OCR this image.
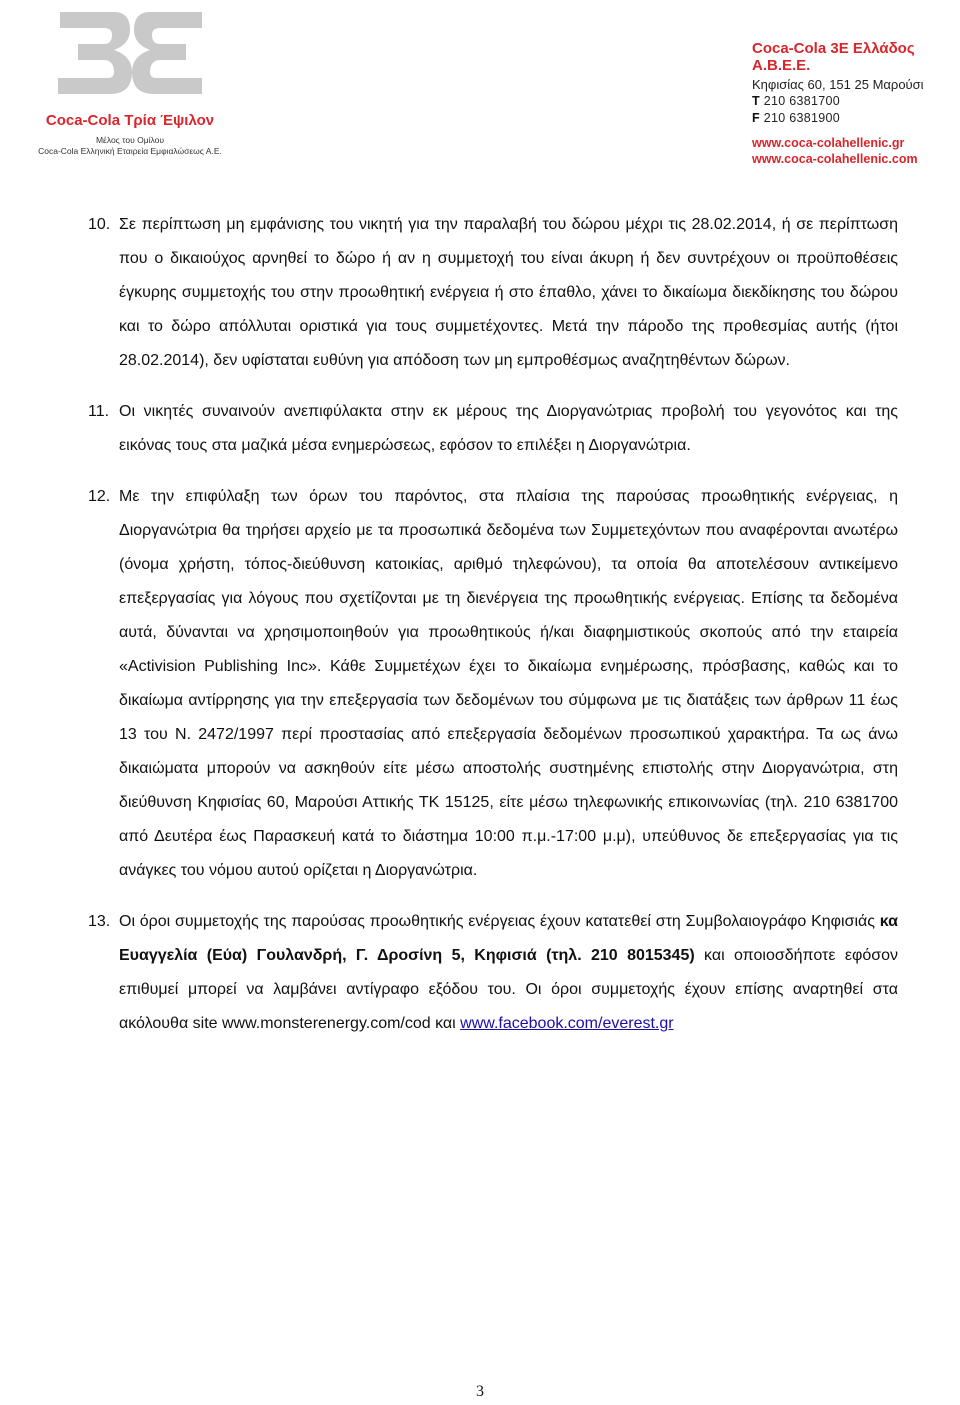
Coca-Cola Τρία Έψιλον
Μέλος του Ομίλου
Coca-Cola Ελληνική Εταιρεία Εμφιαλώσεως Α.Ε.
Coca-Cola 3E Ελλάδος Α.Β.Ε.Ε.
Κηφισίας 60, 151 25 Μαρούσι
T 210 6381700
F 210 6381900
www.coca-colahellenic.gr
www.coca-colahellenic.com
10. Σε περίπτωση μη εμφάνισης του νικητή για την παραλαβή του δώρου μέχρι τις 28.02.2014, ή σε περίπτωση που ο δικαιούχος αρνηθεί το δώρο ή αν η συμμετοχή του είναι άκυρη ή δεν συντρέχουν οι προϋποθέσεις έγκυρης συμμετοχής του στην προωθητική ενέργεια ή στο έπαθλο, χάνει το δικαίωμα διεκδίκησης του δώρου και το δώρο απόλλυται οριστικά για τους συμμετέχοντες. Μετά την πάροδο της προθεσμίας αυτής (ήτοι 28.02.2014), δεν υφίσταται ευθύνη για απόδοση των μη εμπροθέσμως αναζητηθέντων δώρων.

11. Οι νικητές συναινούν ανεπιφύλακτα στην εκ μέρους της Διοργανώτριας προβολή του γεγονότος και της εικόνας τους στα μαζικά μέσα ενημερώσεως, εφόσον το επιλέξει η Διοργανώτρια.

12. Με την επιφύλαξη των όρων του παρόντος, στα πλαίσια της παρούσας προωθητικής ενέργειας, η Διοργανώτρια θα τηρήσει αρχείο με τα προσωπικά δεδομένα των Συμμετεχόντων που αναφέρονται ανωτέρω (όνομα χρήστη, τόπος-διεύθυνση κατοικίας, αριθμό τηλεφώνου), τα οποία θα αποτελέσουν αντικείμενο επεξεργασίας για λόγους που σχετίζονται με τη διενέργεια της προωθητικής ενέργειας. Επίσης τα δεδομένα αυτά, δύνανται να χρησιμοποιηθούν για προωθητικούς ή/και διαφημιστικούς σκοπούς από την εταιρεία «Activision Publishing Inc». Κάθε Συμμετέχων έχει το δικαίωμα ενημέρωσης, πρόσβασης, καθώς και το δικαίωμα αντίρρησης για την επεξεργασία των δεδομένων του σύμφωνα με τις διατάξεις των άρθρων 11 έως 13 του Ν. 2472/1997 περί προστασίας από επεξεργασία δεδομένων προσωπικού χαρακτήρα. Τα ως άνω δικαιώματα μπορούν να ασκηθούν είτε μέσω αποστολής συστημένης επιστολής στην Διοργανώτρια, στη διεύθυνση Κηφισίας 60, Μαρούσι Αττικής ΤΚ 15125, είτε μέσω τηλεφωνικής επικοινωνίας (τηλ. 210 6381700 από Δευτέρα έως Παρασκευή κατά το διάστημα 10:00 π.μ.-17:00 μ.μ), υπεύθυνος δε επεξεργασίας για τις ανάγκες του νόμου αυτού ορίζεται η Διοργανώτρια.

13. Οι όροι συμμετοχής της παρούσας προωθητικής ενέργειας έχουν κατατεθεί στη Συμβολαιογράφο Κηφισιάς κα Ευαγγελία (Εύα) Γουλανδρή, Γ. Δροσίνη 5, Κηφισιά (τηλ. 210 8015345) και οποιοσδήποτε εφόσον επιθυμεί μπορεί να λαμβάνει αντίγραφο εξόδου του. Οι όροι συμμετοχής έχουν επίσης αναρτηθεί στα ακόλουθα site www.monsterenergy.com/cod και www.facebook.com/everest.gr

3
